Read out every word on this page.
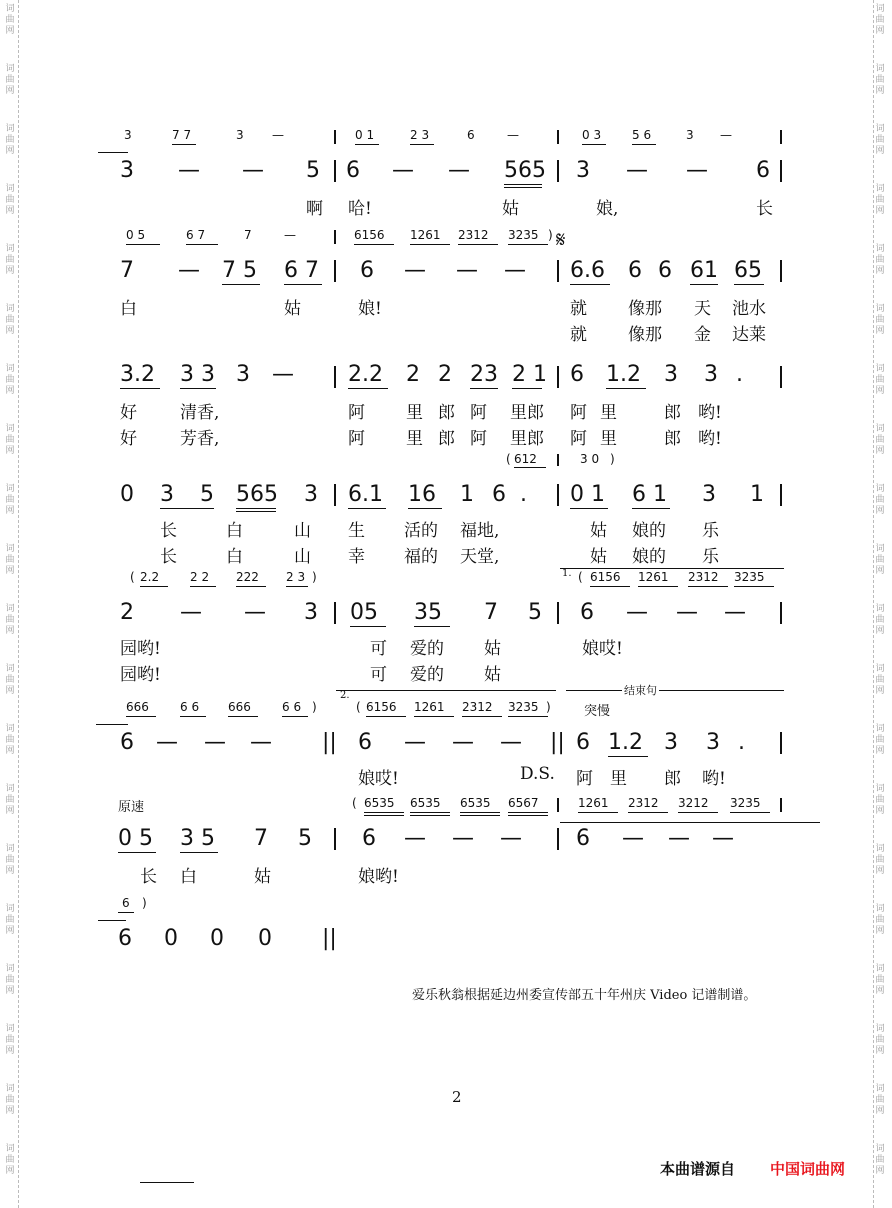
词
曲
网
词
曲
网
词
曲
网
词
曲
网
词
曲
网
词
曲
网
词
曲
网
词
曲
网
词
曲
网
词
曲
网
词
曲
网
词
曲
网
词
曲
网
词
曲
网
词
曲
网
词
曲
网
词
曲
网
词
曲
网
词
曲
网
词
曲
网
词
曲
网
词
曲
网
词
曲
网
词
曲
网
词
曲
网
词
曲
网
词
曲
网
词
曲
网
词
曲
网
词
曲
网
词
曲
网
词
曲
网
词
曲
网
词
曲
网
词
曲
网
词
曲
网
词
曲
网
词
曲
网
词
曲
网
词
曲
网
3	7 7	3 —	0 1	2 3	6	—	0 3	5 6	3 —
3 — — 5 6 — — 565 3 — — 6
啊 哈!	姑	娘,	长
0 5	6 7	7	—	6156 1261 2312 3235 ) 𝄋
7 — 7 5 6 7 6 — — — 6.6 6 6 61 65
白	姑	娘!	就 像那 天 池水
就 像那 金 达莱
3.2 3 3 3 — 2.2 2 2 23 2 1 6 1.2 3 3 .
好	清香,	阿 里 郎 阿 里郎 阿 里	郎 哟!
好	芳香,	阿 里 郎 阿 里郎 阿 里	郎 哟!
( 612	3 0 )
0 3 5 565 3 6.1 16 1 6 . 0 1 6 1 3 1
长	白	山 生 活的 福地,	姑 娘的 乐
长	白	山 幸 福的 天堂,	姑 娘的 乐
( 2.2	2 2 222 2 3 )	1. ( 6156 1261 2312 3235
2 — — 3 05 35 7 5 6 — — —
园哟!	可 爱的 姑	娘哎!
园哟!	可 爱的 姑
666	6 6 666	6 6 )
2.
( 6156 1261 2312 3235 )	突慢
结束句
6 — — — || 6 — — — || 6 1.2 3 3 .
娘哎!	D.S. 阿 里 郎 哟!
原速	( 6535 6535 6535 6567	1261 2312 3212 3235
0 5 3 5 7 5 6 — — — 6 — — —
长 白	姑	娘哟!
6 )
6 0 0 0 ||
爱乐秋翁根据延边州委宣传部五十年州庆 Video 记谱制谱。
2
本曲谱源自 中国词曲网
